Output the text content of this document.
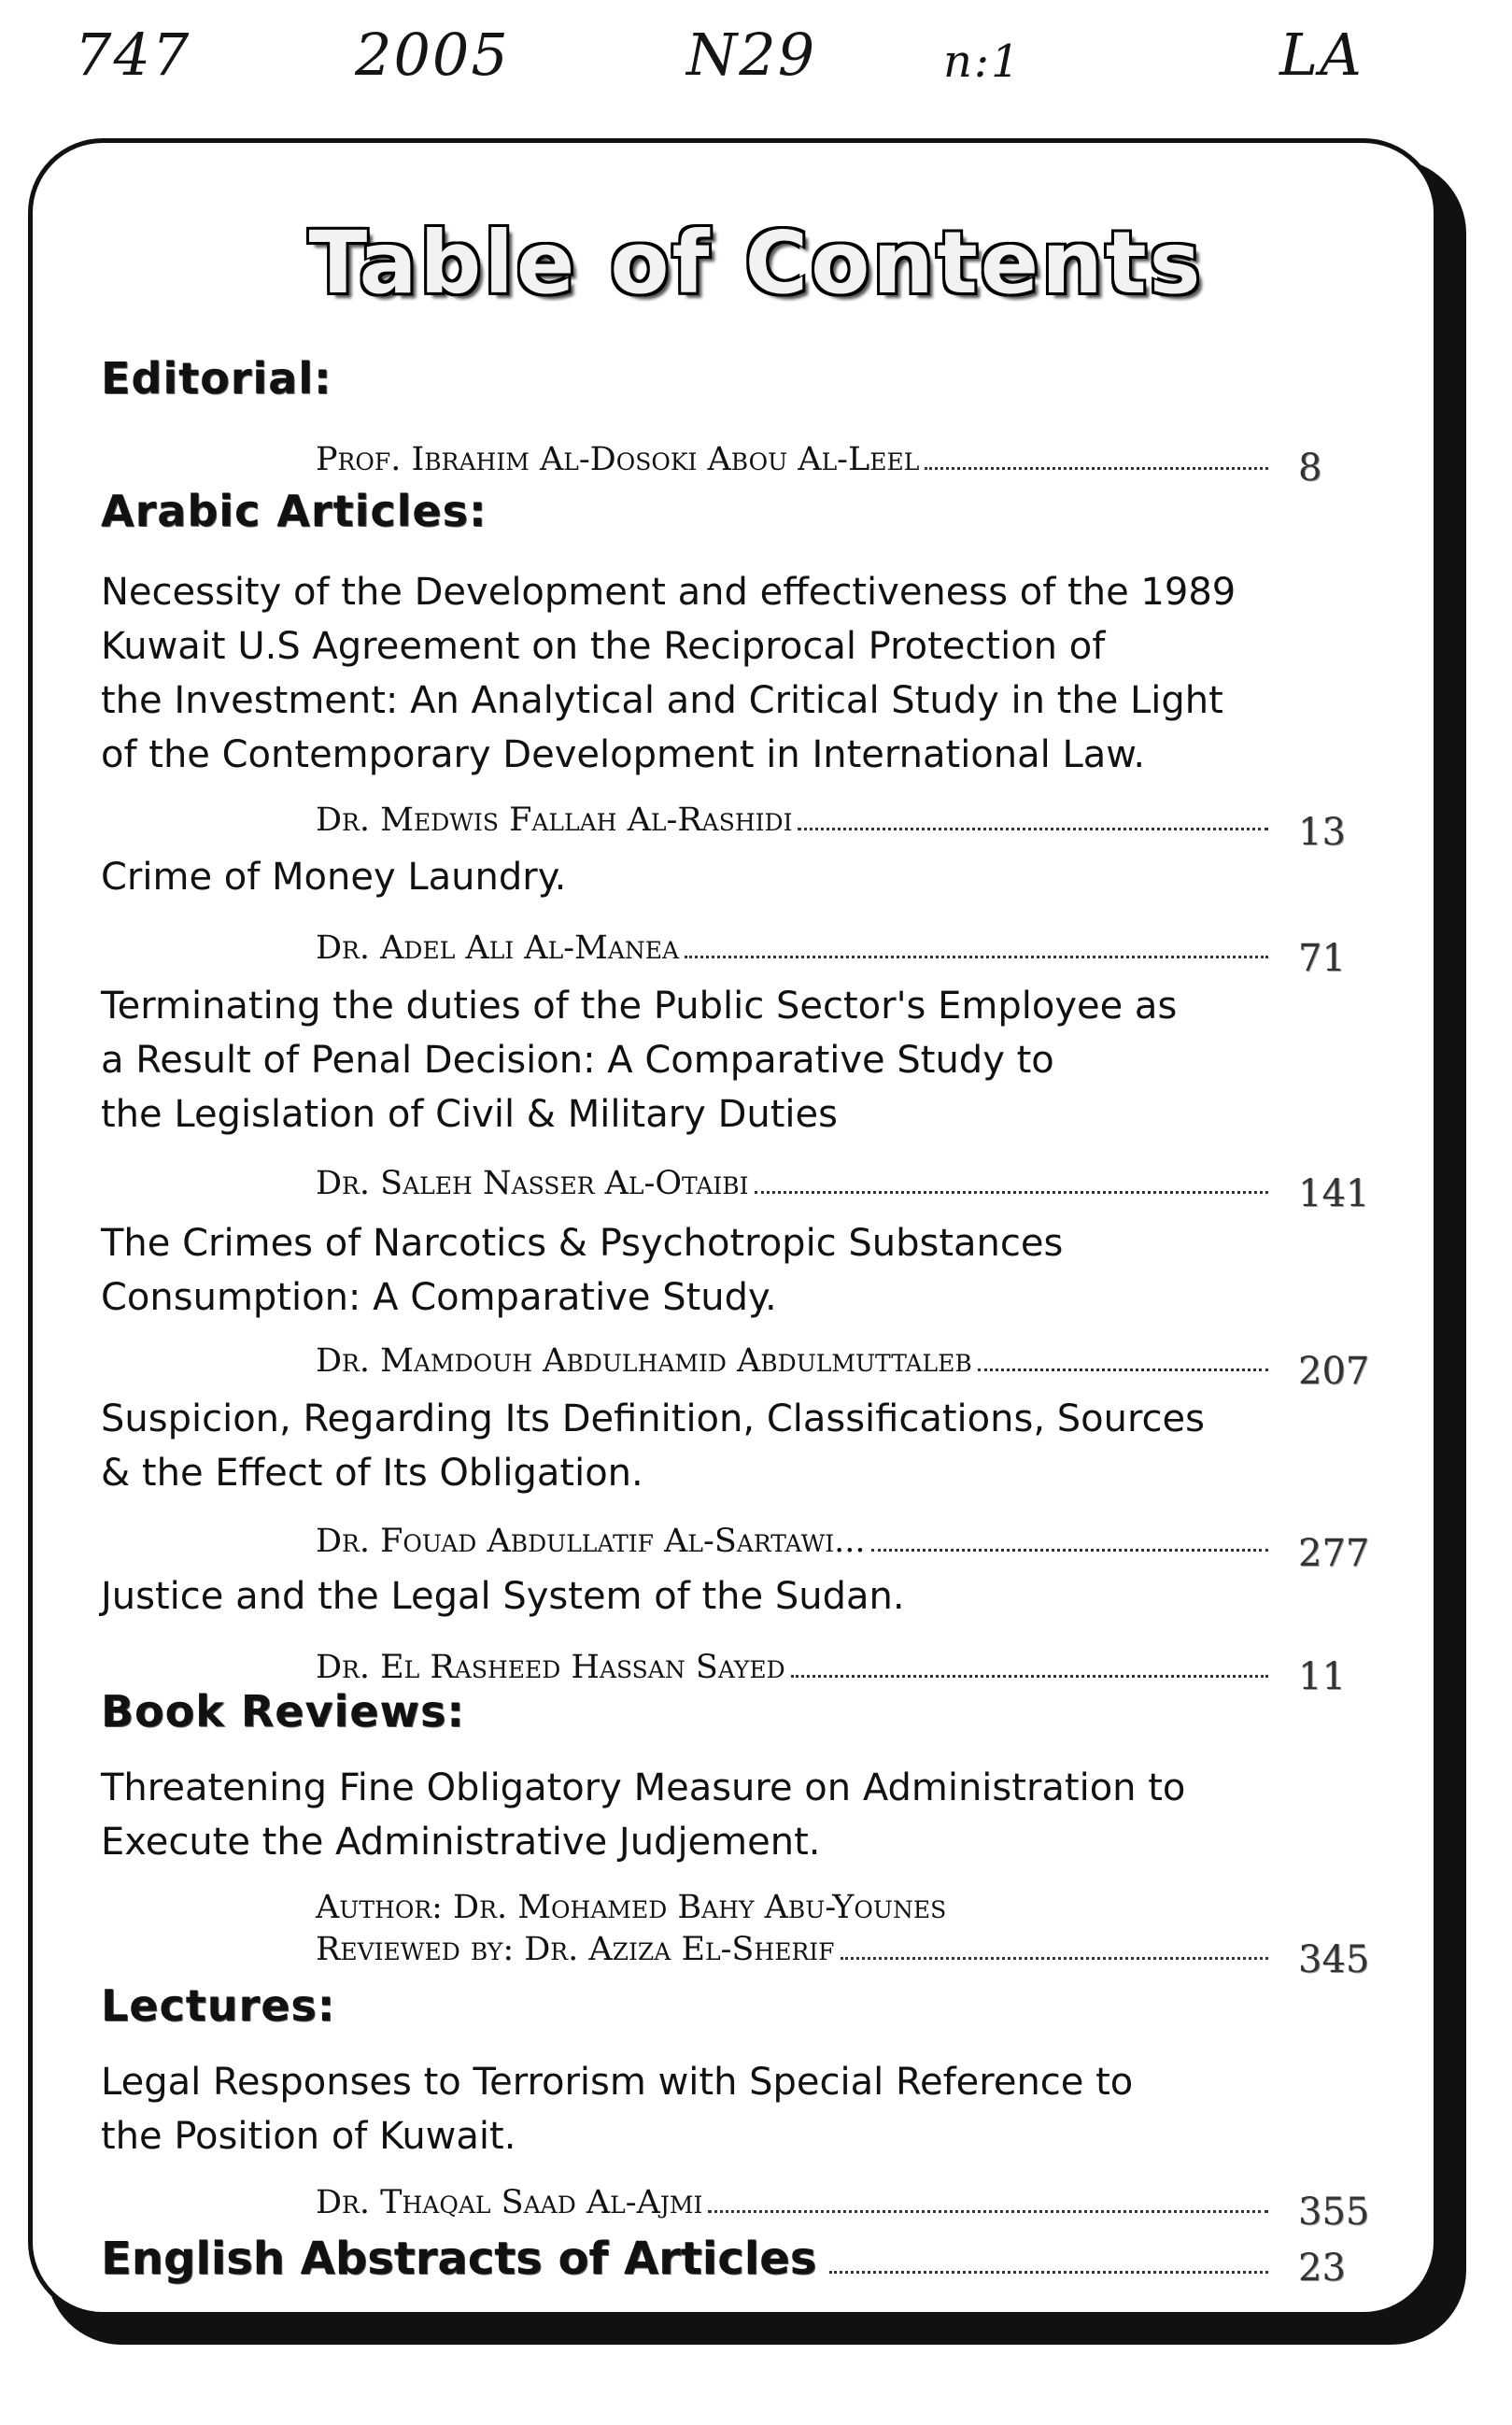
747	2005	N29	n:1	LA
Table of Contents
Editorial:
Prof. Ibrahim Al-Dosoki Abou Al-Leel	8
Arabic Articles:
Necessity of the Development and effectiveness of the 1989
Kuwait U.S Agreement on the Reciprocal Protection of
the Investment: An Analytical and Critical Study in the Light
of the Contemporary Development in International Law.
Dr. Medwis Fallah Al-Rashidi	13
Crime of Money Laundry.
Dr. Adel Ali Al-Manea	71
Terminating the duties of the Public Sector's Employee as
a Result of Penal Decision: A Comparative Study to
the Legislation of Civil & Military Duties
Dr. Saleh Nasser Al-Otaibi	141
The Crimes of Narcotics & Psychotropic Substances
Consumption: A Comparative Study.
Dr. Mamdouh Abdulhamid Abdulmuttaleb	207
Suspicion, Regarding Its Definition, Classifications, Sources
& the Effect of Its Obligation.
Dr. Fouad Abdullatif Al-Sartawi...	277
Justice and the Legal System of the Sudan.
Dr. El Rasheed Hassan Sayed	11
Book Reviews:
Threatening Fine Obligatory Measure on Administration to
Execute the Administrative Judjement.
Author: Dr. Mohamed Bahy Abu-Younes
Reviewed by: Dr. Aziza El-Sherif	345
Lectures:
Legal Responses to Terrorism with Special Reference to
the Position of Kuwait.
Dr. Thaqal Saad Al-Ajmi	355
English Abstracts of Articles	23
